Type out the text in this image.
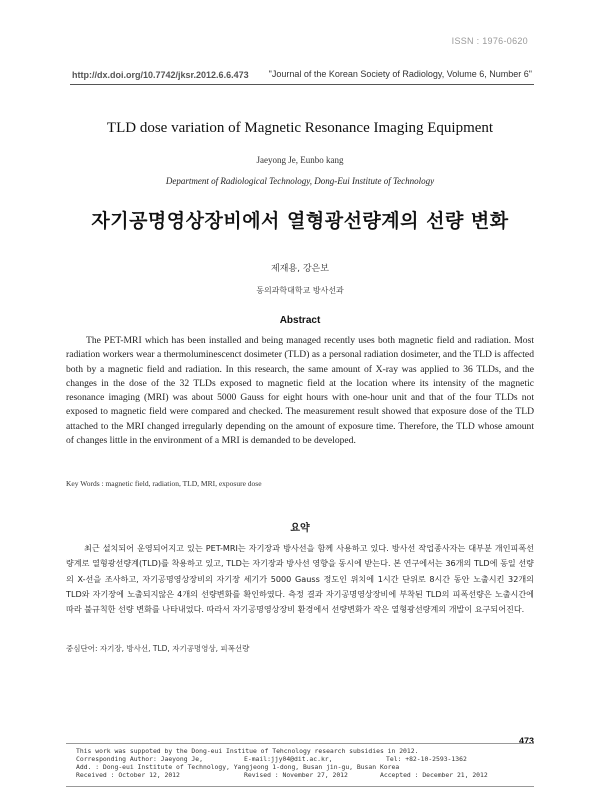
ISSN : 1976-0620
http://dx.doi.org/10.7742/jksr.2012.6.6.473 "Journal of the Korean Society of Radiology, Volume 6, Number 6"
TLD dose variation of Magnetic Resonance Imaging Equipment
Jaeyong Je, Eunbo kang
Department of Radiological Technology, Dong-Eui Institute of Technology
자기공명영상장비에서 열형광선량계의 선량 변화
제재용, 강은보
동의과학대학교 방사선과
Abstract

The PET-MRI which has been installed and being managed recently uses both magnetic field and radiation. Most radiation workers wear a thermoluminescenct dosimeter (TLD) as a personal radiation dosimeter, and the TLD is affected both by a magnetic field and radiation. In this research, the same amount of X-ray was applied to 36 TLDs, and the changes in the dose of the 32 TLDs exposed to magnetic field at the location where its intensity of the magnetic resonance imaging (MRI) was about 5000 Gauss for eight hours with one-hour unit and that of the four TLDs not exposed to magnetic field were compared and checked. The measurement result showed that exposure dose of the TLD attached to the MRI changed irregularly depending on the amount of exposure time. Therefore, the TLD whose amount of changes little in the environment of a MRI is demanded to be developed.

Key Words : magnetic field, radiation, TLD, MRI, exposure dose
요약

최근 설치되어 운영되어지고 있는 PET-MRI는 자기장과 방사선을 함께 사용하고 있다. 방사선 작업종사자는 대부분 개인피폭선량계로 열형광선량계(TLD)를 착용하고 있고, TLD는 자기장과 방사선 영향을 동시에 받는다. 본 연구에서는 36개의 TLD에 동일 선량의 X-선을 조사하고, 자기공명영상장비의 자기장 세기가 5000 Gauss 정도인 위치에 1시간 단위로 8시간 동안 노출시킨 32개의 TLD와 자기장에 노출되지않은 4개의 선량변화를 확인하였다. 측정 결과 자기공명영상장비에 부착된 TLD의 피폭선량은 노출시간에 따라 불규칙한 선량 변화를 나타내었다. 따라서 자기공명영상장비 환경에서 선량변화가 작은 열형광선량계의 개발이 요구되어진다.

중심단어: 자기장, 방사선, TLD, 자기공명영상, 피폭선량
473
This work was suppoted by the Dong-eui Institue of Tehcnology research subsidies in 2012.
Corresponding Author: Jaeyong Je,	E-mail:jjy04@dit.ac.kr,	Tel: +82-10-2593-1362
Add. : Dong-eui Institute of Technology, Yangjeong 1-dong, Busan jin-gu, Busan Korea
Received : October 12, 2012	Revised : November 27, 2012	Accepted : December 21, 2012
